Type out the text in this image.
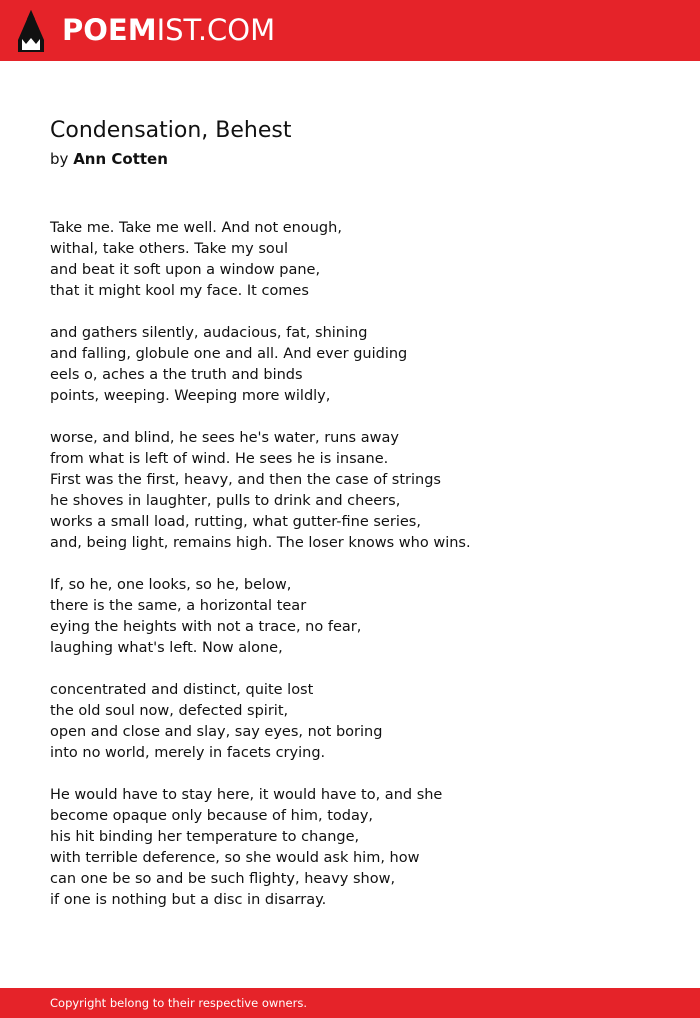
POEMIST.COM
Condensation, Behest
by Ann Cotten
Take me. Take me well. And not enough,
withal, take others. Take my soul
and beat it soft upon a window pane,
that it might kool my face. It comes
and gathers silently, audacious, fat, shining
and falling, globule one and all. And ever guiding
eels o, aches a the truth and binds
points, weeping. Weeping more wildly,
worse, and blind, he sees he's water, runs away
from what is left of wind. He sees he is insane.
First was the first, heavy, and then the case of strings
he shoves in laughter, pulls to drink and cheers,
works a small load, rutting, what gutter-fine series,
and, being light, remains high. The loser knows who wins.
If, so he, one looks, so he, below,
there is the same, a horizontal tear
eying the heights with not a trace, no fear,
laughing what's left. Now alone,
concentrated and distinct, quite lost
the old soul now, defected spirit,
open and close and slay, say eyes, not boring
into no world, merely in facets crying.
He would have to stay here, it would have to, and she
become opaque only because of him, today,
his hit binding her temperature to change,
with terrible deference, so she would ask him, how
can one be so and be such flighty, heavy show,
if one is nothing but a disc in disarray.
Copyright belong to their respective owners.
